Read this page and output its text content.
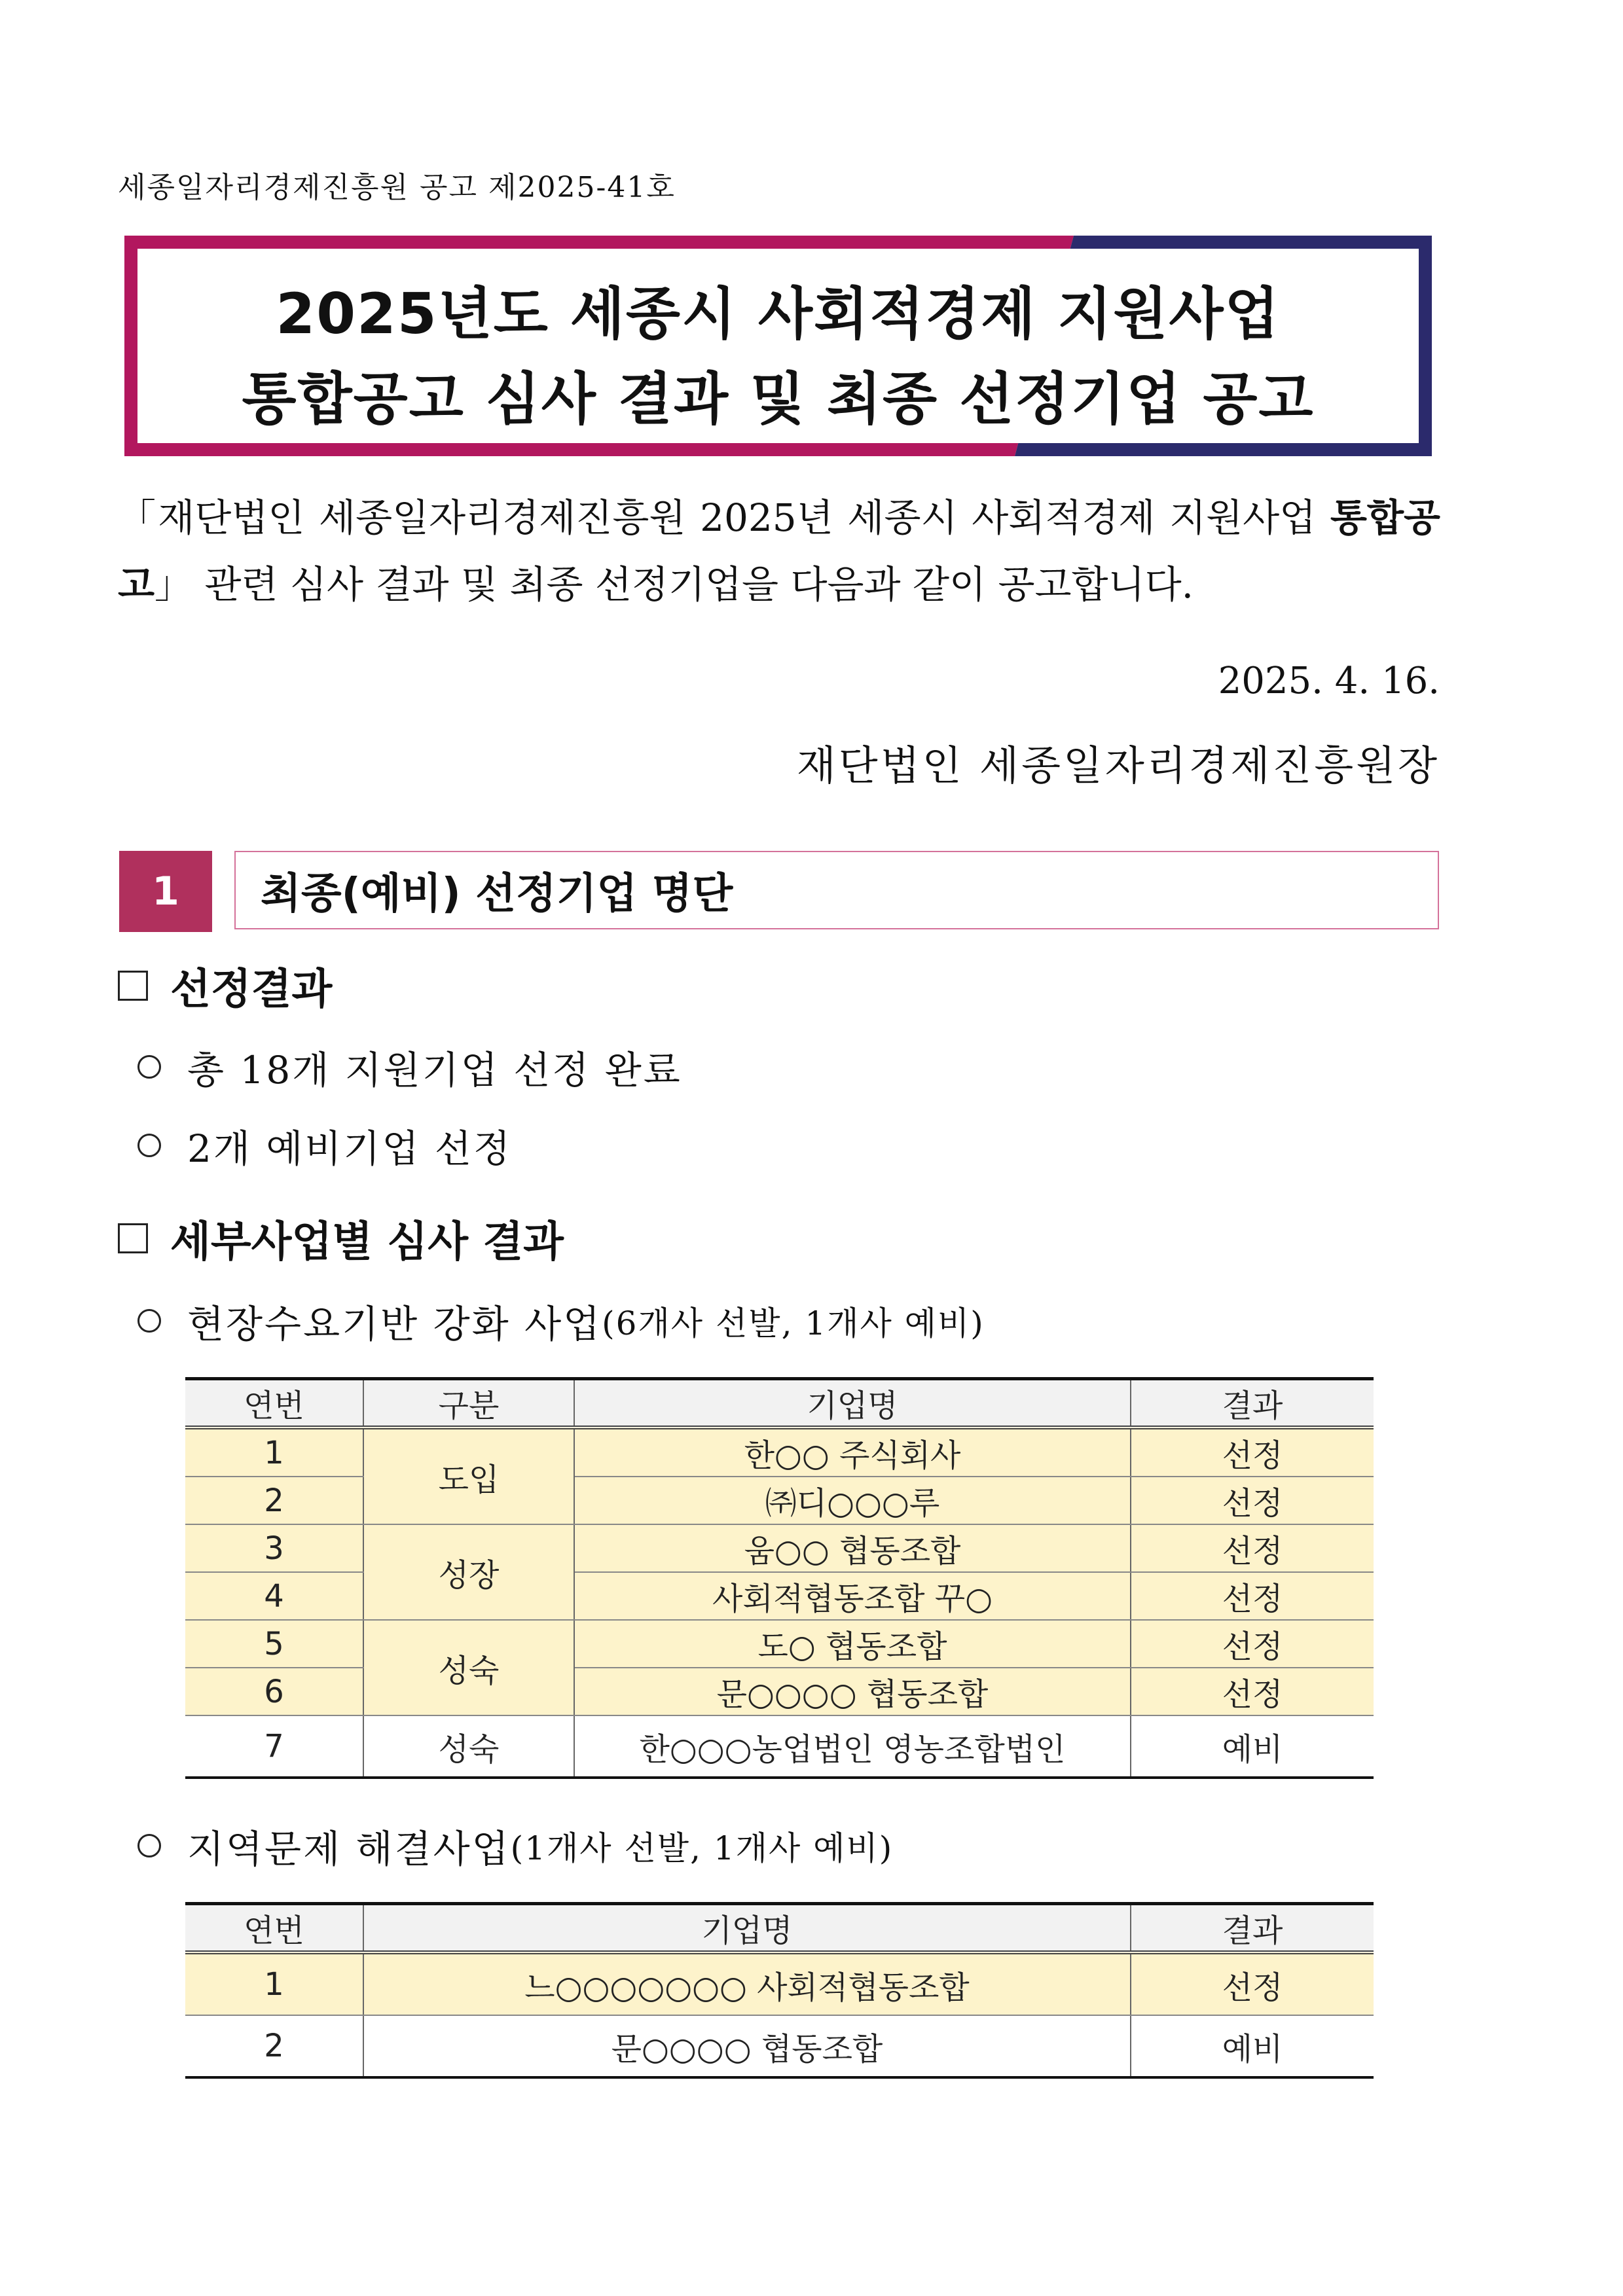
세종일자리경제진흥원 공고 제2025-41호
2025년도 세종시 사회적경제 지원사업
통합공고 심사 결과 및 최종 선정기업 공고
「재단법인 세종일자리경제진흥원 2025년 세종시 사회적경제 지원사업 통합공고」 관련 심사 결과 및 최종 선정기업을 다음과 같이 공고합니다.
2025. 4. 16.
재단법인 세종일자리경제진흥원장
1	최종(예비) 선정기업 명단
선정결과
총 18개 지원기업 선정 완료
2개 예비기업 선정
세부사업별 심사 결과
현장수요기반 강화 사업 (6개사 선발, 1개사 예비)
연번	구분	기업명	결과
1	도입	한○○ 주식회사	선정
2		㈜디○○○루	선정
3	성장	움○○ 협동조합	선정
4		사회적협동조합 꾸○	선정
5	성숙	도○ 협동조합	선정
6		문○○○○ 협동조합	선정
7	성숙	한○○○농업법인 영농조합법인	예비
지역문제 해결사업 (1개사 선발, 1개사 예비)
연번	기업명	결과
1	느○○○○○○○ 사회적협동조합	선정
2	문○○○○ 협동조합	예비
